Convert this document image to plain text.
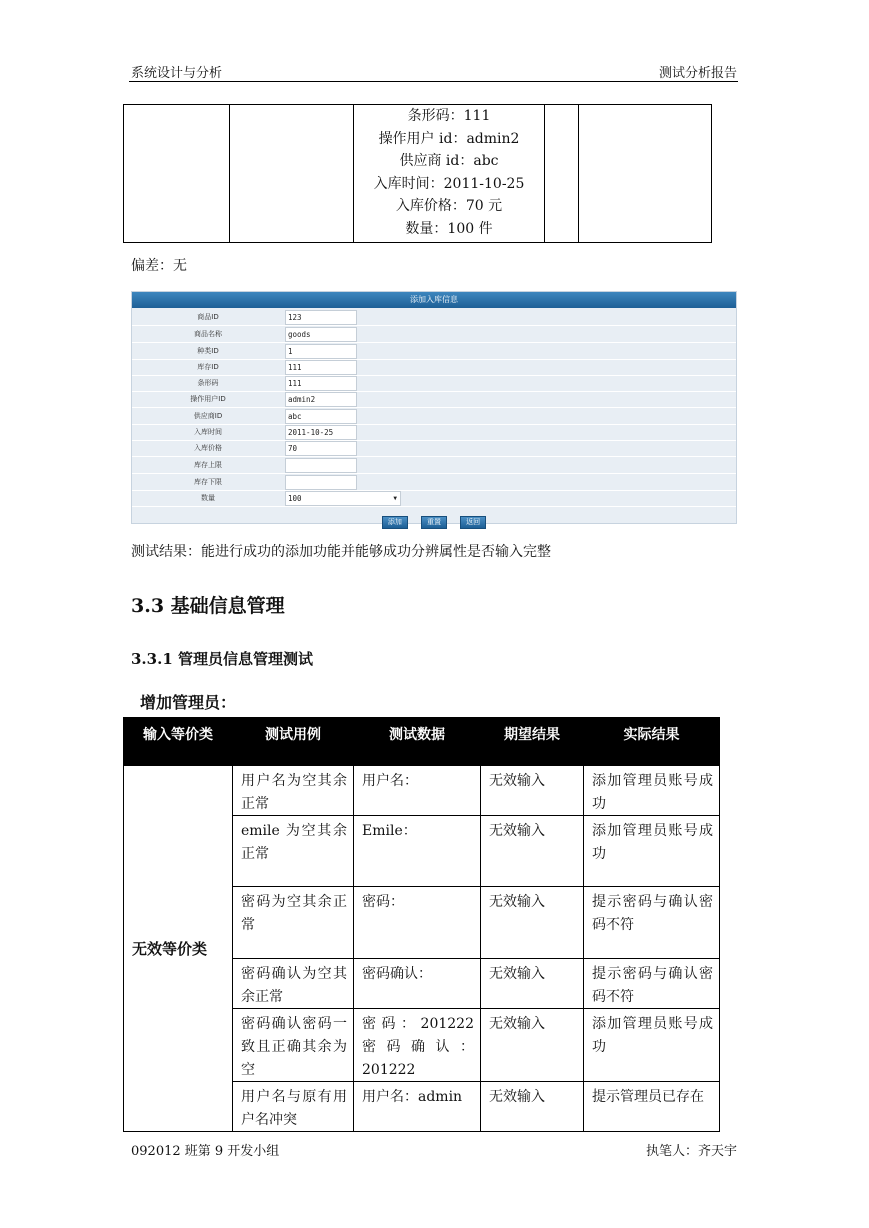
系统设计与分析	测试分析报告

条形码：111
操作用户 id：admin2
供应商 id：abc
入库时间：2011-10-25
入库价格：70 元
数量：100 件

偏差：无
添加入库信息
商品ID	123
商品名称	goods
种类ID	1
库存ID	111
条形码	111
操作用户ID	admin2
供应商ID	abc
入库时间	2011-10-25
入库价格	70
库存上限
库存下限
数量	100	▼
添加	重置	返回
测试结果：能进行成功的添加功能并能够成功分辨属性是否输入完整
3.3 基础信息管理
3.3.1 管理员信息管理测试
增加管理员：
输入等价类	测试用例	测试数据	期望结果	实际结果
无效等价类	用户名为空其余正常	用户名：	无效输入	添加管理员账号成功
	emile 为空其余正常	Emile：	无效输入	添加管理员账号成功
	密码为空其余正常	密码：	无效输入	提示密码与确认密码不符
	密码确认为空其余正常	密码确认：	无效输入	提示密码与确认密码不符
	密码确认密码一致且正确其余为空	密码：201222 密码确认：201222	无效输入	添加管理员账号成功
	用户名与原有用户名冲突	用户名：admin	无效输入	提示管理员已存在
092012 班第 9 开发小组	执笔人：齐天宇
